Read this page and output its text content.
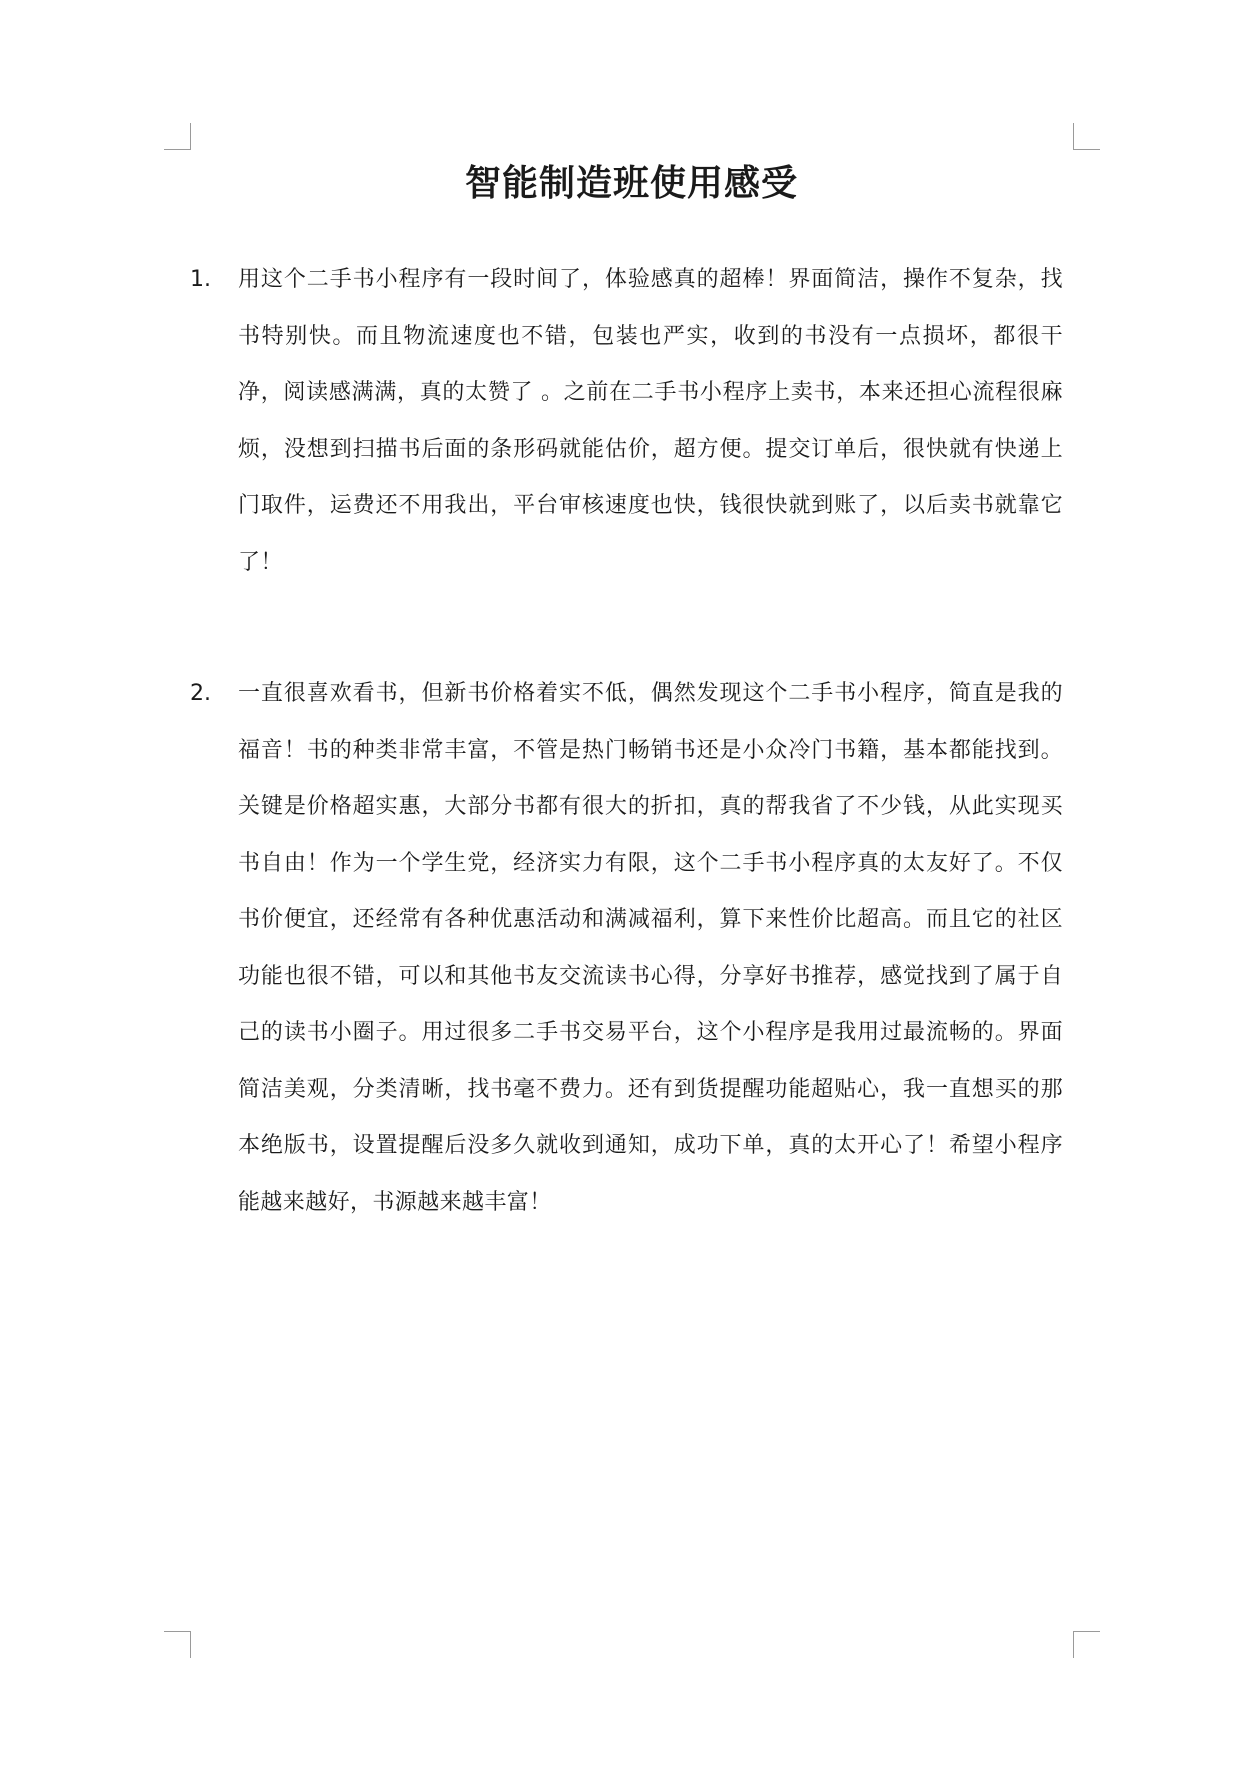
智能制造班使用感受
1. 用这个二手书小程序有一段时间了，体验感真的超棒！界面简洁，操作不复杂，找书特别快。而且物流速度也不错，包装也严实，收到的书没有一点损坏，都很干净，阅读感满满，真的太赞了 。之前在二手书小程序上卖书，本来还担心流程很麻烦，没想到扫描书后面的条形码就能估价，超方便。提交订单后，很快就有快递上门取件，运费还不用我出，平台审核速度也快，钱很快就到账了，以后卖书就靠它了！
2. 一直很喜欢看书，但新书价格着实不低，偶然发现这个二手书小程序，简直是我的福音！书的种类非常丰富，不管是热门畅销书还是小众冷门书籍，基本都能找到。关键是价格超实惠，大部分书都有很大的折扣，真的帮我省了不少钱，从此实现买书自由！作为一个学生党，经济实力有限，这个二手书小程序真的太友好了。不仅书价便宜，还经常有各种优惠活动和满减福利，算下来性价比超高。而且它的社区功能也很不错，可以和其他书友交流读书心得，分享好书推荐，感觉找到了属于自己的读书小圈子。用过很多二手书交易平台，这个小程序是我用过最流畅的。界面简洁美观，分类清晰，找书毫不费力。还有到货提醒功能超贴心，我一直想买的那本绝版书，设置提醒后没多久就收到通知，成功下单，真的太开心了！希望小程序能越来越好，书源越来越丰富！
